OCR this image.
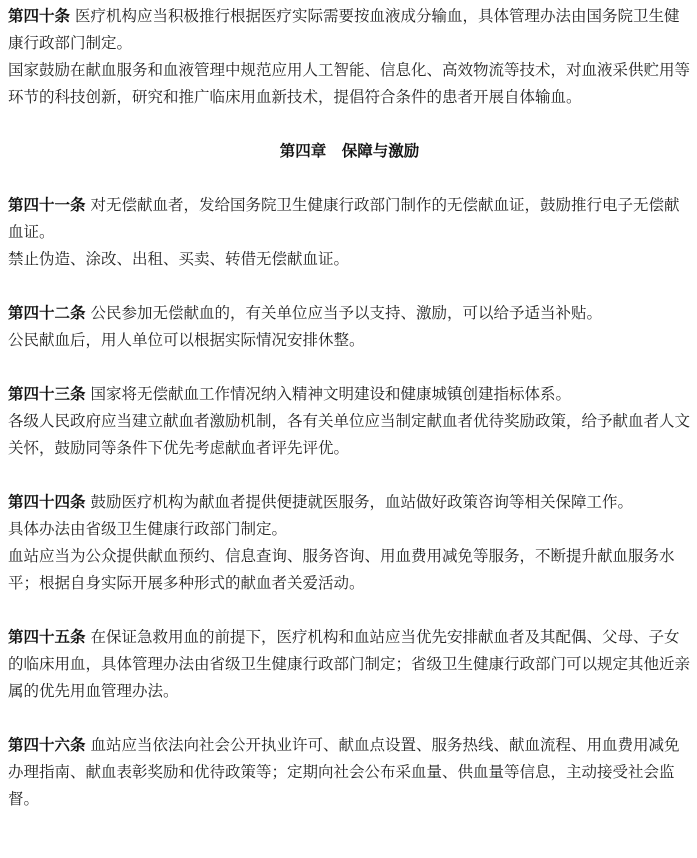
第四十条 医疗机构应当积极推行根据医疗实际需要按血液成分输血，具体管理办法由国务院卫生健康行政部门制定。

国家鼓励在献血服务和血液管理中规范应用人工智能、信息化、高效物流等技术，对血液采供贮用等环节的科技创新，研究和推广临床用血新技术，提倡符合条件的患者开展自体输血。

第四章　保障与激励

第四十一条 对无偿献血者，发给国务院卫生健康行政部门制作的无偿献血证，鼓励推行电子无偿献血证。

禁止伪造、涂改、出租、买卖、转借无偿献血证。

第四十二条 公民参加无偿献血的，有关单位应当予以支持、激励，可以给予适当补贴。

公民献血后，用人单位可以根据实际情况安排休整。

第四十三条 国家将无偿献血工作情况纳入精神文明建设和健康城镇创建指标体系。

各级人民政府应当建立献血者激励机制，各有关单位应当制定献血者优待奖励政策，给予献血者人文关怀，鼓励同等条件下优先考虑献血者评先评优。

第四十四条 鼓励医疗机构为献血者提供便捷就医服务，血站做好政策咨询等相关保障工作。

具体办法由省级卫生健康行政部门制定。

血站应当为公众提供献血预约、信息查询、服务咨询、用血费用减免等服务，不断提升献血服务水平；根据自身实际开展多种形式的献血者关爱活动。

第四十五条 在保证急救用血的前提下，医疗机构和血站应当优先安排献血者及其配偶、父母、子女的临床用血，具体管理办法由省级卫生健康行政部门制定；省级卫生健康行政部门可以规定其他近亲属的优先用血管理办法。

第四十六条 血站应当依法向社会公开执业许可、献血点设置、服务热线、献血流程、用血费用减免办理指南、献血表彰奖励和优待政策等；定期向社会公布采血量、供血量等信息，主动接受社会监督。
